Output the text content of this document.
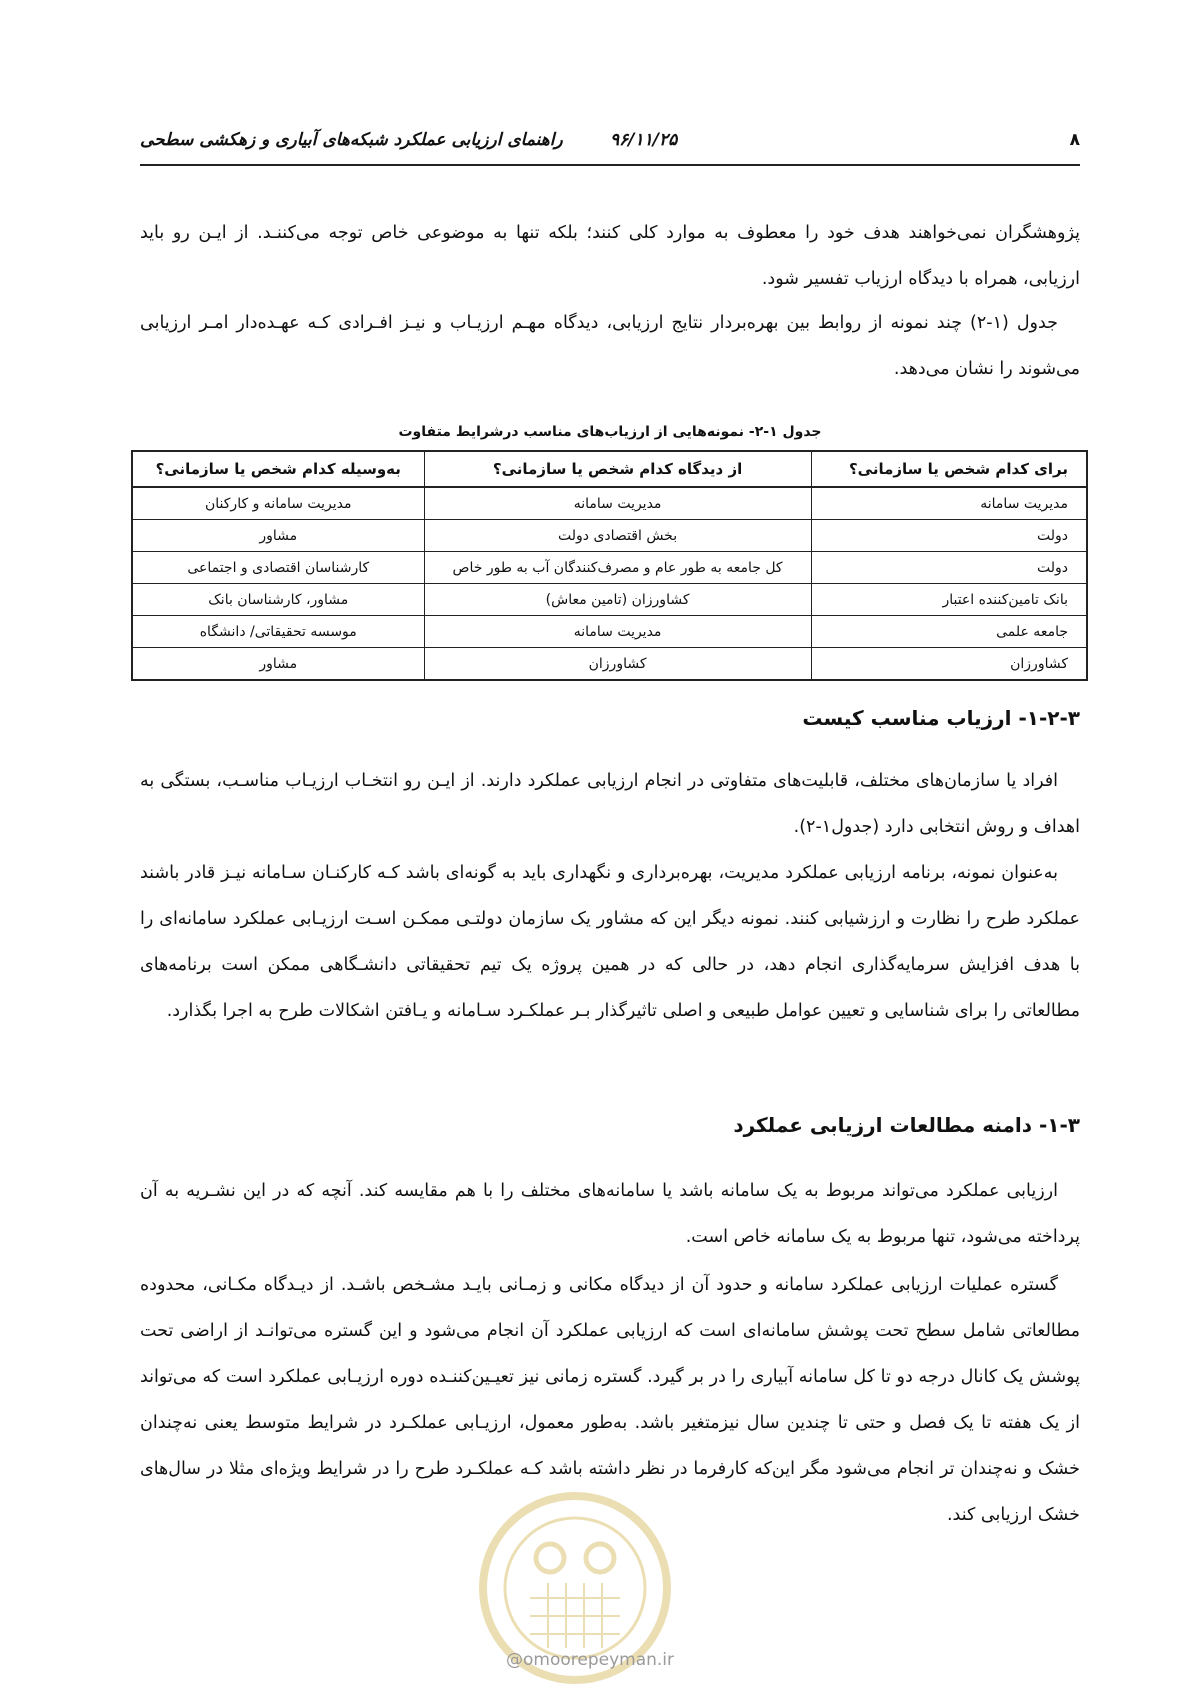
۸
۹۶/۱۱/۲۵
راهنمای ارزیابی عملکرد شبکه‌های آبیاری و زهکشی سطحی

پژوهشگران نمی‌خواهند هدف خود را معطوف به موارد کلی کنند؛ بلکه تنها به موضوعی خاص توجه می‌کننـد. از ایـن رو باید ارزیابی، همراه با دیدگاه ارزیاب تفسیر شود.

جدول (۱-۲) چند نمونه از روابط بین بهره‌بردار نتایج ارزیابی، دیدگاه مهـم ارزیـاب و نیـز افـرادی کـه عهـده‌دار امـر ارزیابی می‌شوند را نشان می‌دهد.

جدول ۱-۲- نمونه‌هایی از ارزیاب‌های مناسب درشرایط متفاوت
برای کدام شخص یا سازمانی؟	از دیدگاه کدام شخص یا سازمانی؟	به‌وسیله کدام شخص یا سازمانی؟
مدیریت سامانه	مدیریت سامانه	مدیریت سامانه و کارکنان
دولت	بخش اقتصادی دولت	مشاور
دولت	کل جامعه به طور عام و مصرف‌کنندگان آب به طور خاص	کارشناسان اقتصادی و اجتماعی
بانک تامین‌کننده اعتبار	کشاورزان (تامین معاش)	مشاور، کارشناسان بانک
جامعه علمی	مدیریت سامانه	موسسه تحقیقاتی/ دانشگاه
کشاورزان	کشاورزان	مشاور
۱-۲-۳- ارزیاب مناسب کیست

افراد یا سازمان‌های مختلف، قابلیت‌های متفاوتی در انجام ارزیابی عملکرد دارند. از ایـن رو انتخـاب ارزیـاب مناسـب، بستگی به اهداف و روش انتخابی دارد (جدول۱-۲).

به‌عنوان نمونه، برنامه ارزیابی عملکرد مدیریت، بهره‌برداری و نگهداری باید به گونه‌ای باشد کـه کارکنـان سـامانه نیـز قادر باشند عملکرد طرح را نظارت و ارزشیابی کنند. نمونه دیگر این که مشاور یک سازمان دولتـی ممکـن اسـت ارزیـابی عملکرد سامانه‌ای را با هدف افزایش سرمایه‌گذاری انجام دهد، در حالی که در همین پروژه یک تیم تحقیقاتی دانشـگاهی ممکن است برنامه‌های مطالعاتی را برای شناسایی و تعیین عوامل طبیعی و اصلی تاثیرگذار بـر عملکـرد سـامانه و یـافتن اشکالات طرح به اجرا بگذارد.

۱-۳- دامنه مطالعات ارزیابی عملکرد

ارزیابی عملکرد می‌تواند مربوط به یک سامانه باشد یا سامانه‌های مختلف را با هم مقایسه کند. آنچه که در این نشـریه به آن پرداخته می‌شود، تنها مربوط به یک سامانه خاص است.

گستره عملیات ارزیابی عملکرد سامانه و حدود آن از دیدگاه مکانی و زمـانی بایـد مشـخص باشـد. از دیـدگاه مکـانی، محدوده مطالعاتی شامل سطح تحت پوشش سامانه‌ای است که ارزیابی عملکرد آن انجام می‌شود و این گستره می‌توانـد از اراضی تحت پوشش یک کانال درجه دو تا کل سامانه آبیاری را در بر گیرد. گستره زمانی نیز تعیـین‌کننـده دوره ارزیـابی عملکرد است که می‌تواند از یک هفته تا یک فصل و حتی تا چندین سال نیزمتغیر باشد. به‌طور معمول، ارزیـابی عملکـرد در شرایط متوسط یعنی نه‌چندان خشک و نه‌چندان تر انجام می‌شود مگر این‌که کارفرما در نظر داشته باشد کـه عملکـرد طرح را در شرایط ویژه‌ای مثلا در سال‌های خشک ارزیابی کند.

@omoorepeyman.ir
